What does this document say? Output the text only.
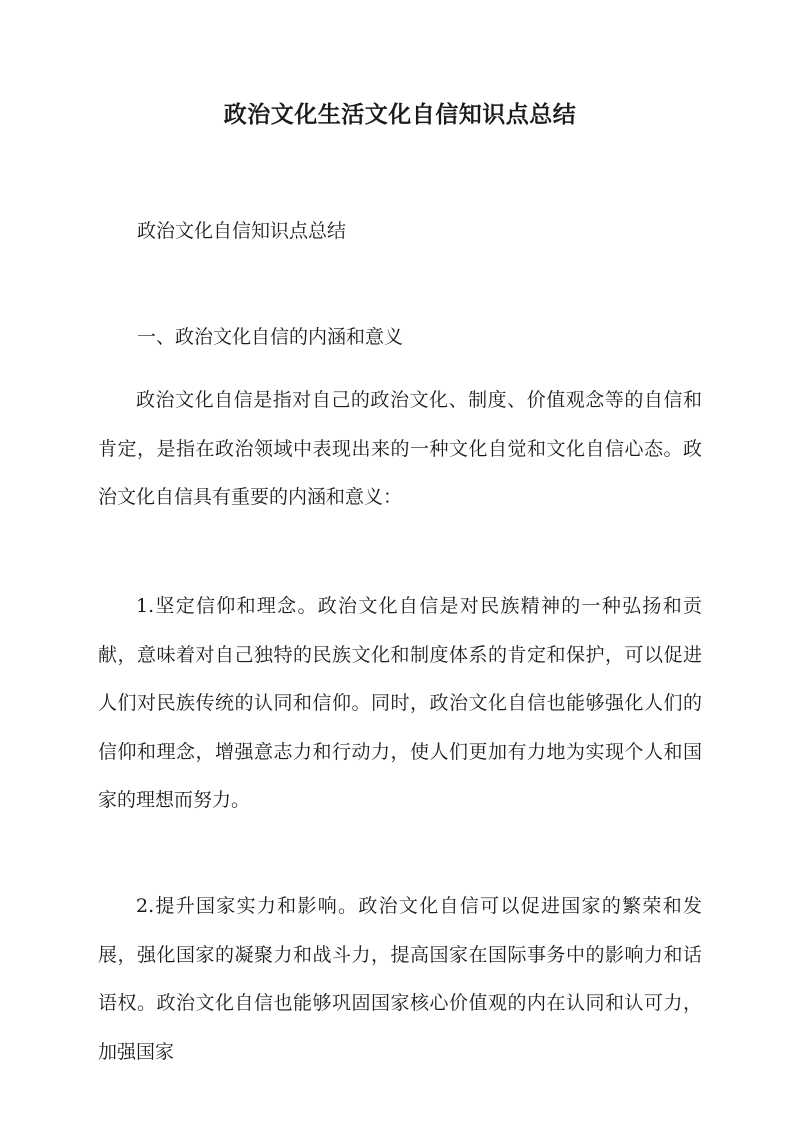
政治文化生活文化自信知识点总结

政治文化自信知识点总结

一、政治文化自信的内涵和意义

政治文化自信是指对自己的政治文化、制度、价值观念等的自信和肯定，是指在政治领域中表现出来的一种文化自觉和文化自信心态。政治文化自信具有重要的内涵和意义：

1.坚定信仰和理念。政治文化自信是对民族精神的一种弘扬和贡献，意味着对自己独特的民族文化和制度体系的肯定和保护，可以促进人们对民族传统的认同和信仰。同时，政治文化自信也能够强化人们的信仰和理念，增强意志力和行动力，使人们更加有力地为实现个人和国家的理想而努力。

2.提升国家实力和影响。政治文化自信可以促进国家的繁荣和发展，强化国家的凝聚力和战斗力，提高国家在国际事务中的影响力和话语权。政治文化自信也能够巩固国家核心价值观的内在认同和认可力，加强国家
